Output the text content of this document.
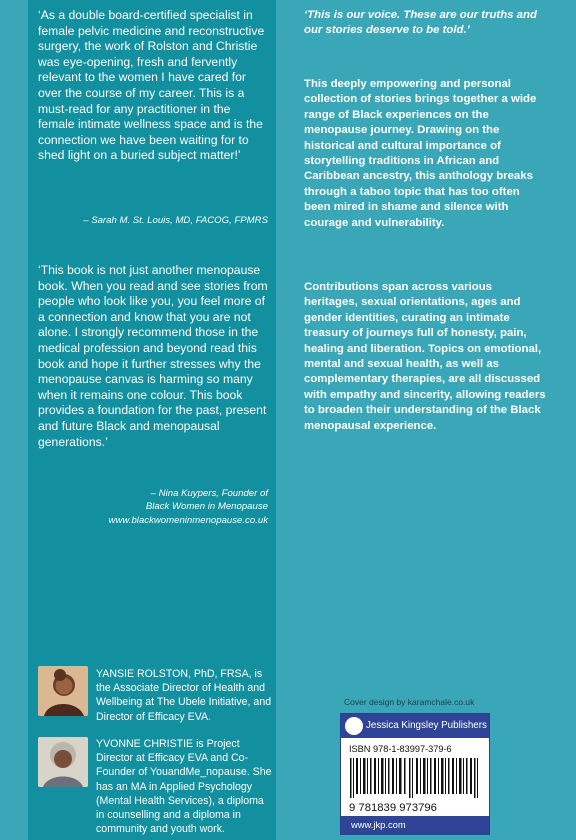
‘As a double board-certified specialist in female pelvic medicine and reconstructive surgery, the work of Rolston and Christie was eye-opening, fresh and fervently relevant to the women I have cared for over the course of my career. This is a must-read for any practitioner in the female intimate wellness space and is the connection we have been waiting for to shed light on a buried subject matter!’
– Sarah M. St. Louis, MD, FACOG, FPMRS
‘This book is not just another menopause book. When you read and see stories from people who look like you, you feel more of a connection and know that you are not alone. I strongly recommend those in the medical profession and beyond read this book and hope it further stresses why the menopause canvas is harming so many when it remains one colour. This book provides a foundation for the past, present and future Black and menopausal generations.’
– Nina Kuypers, Founder of
Black Women in Menopause
www.blackwomeninmenopause.co.uk
‘This is our voice. These are our truths and our stories deserve to be told.’
This deeply empowering and personal collection of stories brings together a wide range of Black experiences on the menopause journey. Drawing on the historical and cultural importance of storytelling traditions in African and Caribbean ancestry, this anthology breaks through a taboo topic that has too often been mired in shame and silence with courage and vulnerability.
Contributions span across various heritages, sexual orientations, ages and gender identities, curating an intimate treasury of journeys full of honesty, pain, healing and liberation. Topics on emotional, mental and sexual health, as well as complementary therapies, are all discussed with empathy and sincerity, allowing readers to broaden their understanding of the Black menopausal experience.
YANSIE ROLSTON, PhD, FRSA, is the Associate Director of Health and Wellbeing at The Ubele Initiative, and Director of Efficacy EVA.
YVONNE CHRISTIE is Project Director at Efficacy EVA and Co-Founder of YouandMe_nopause. She has an MA in Applied Psychology (Mental Health Services), a diploma in counselling and a diploma in community and youth work.
Cover design by karamchale.co.uk
Jessica Kingsley Publishers
ISBN 978-1-83997-379-6
9 781839 973796
www.jkp.com
